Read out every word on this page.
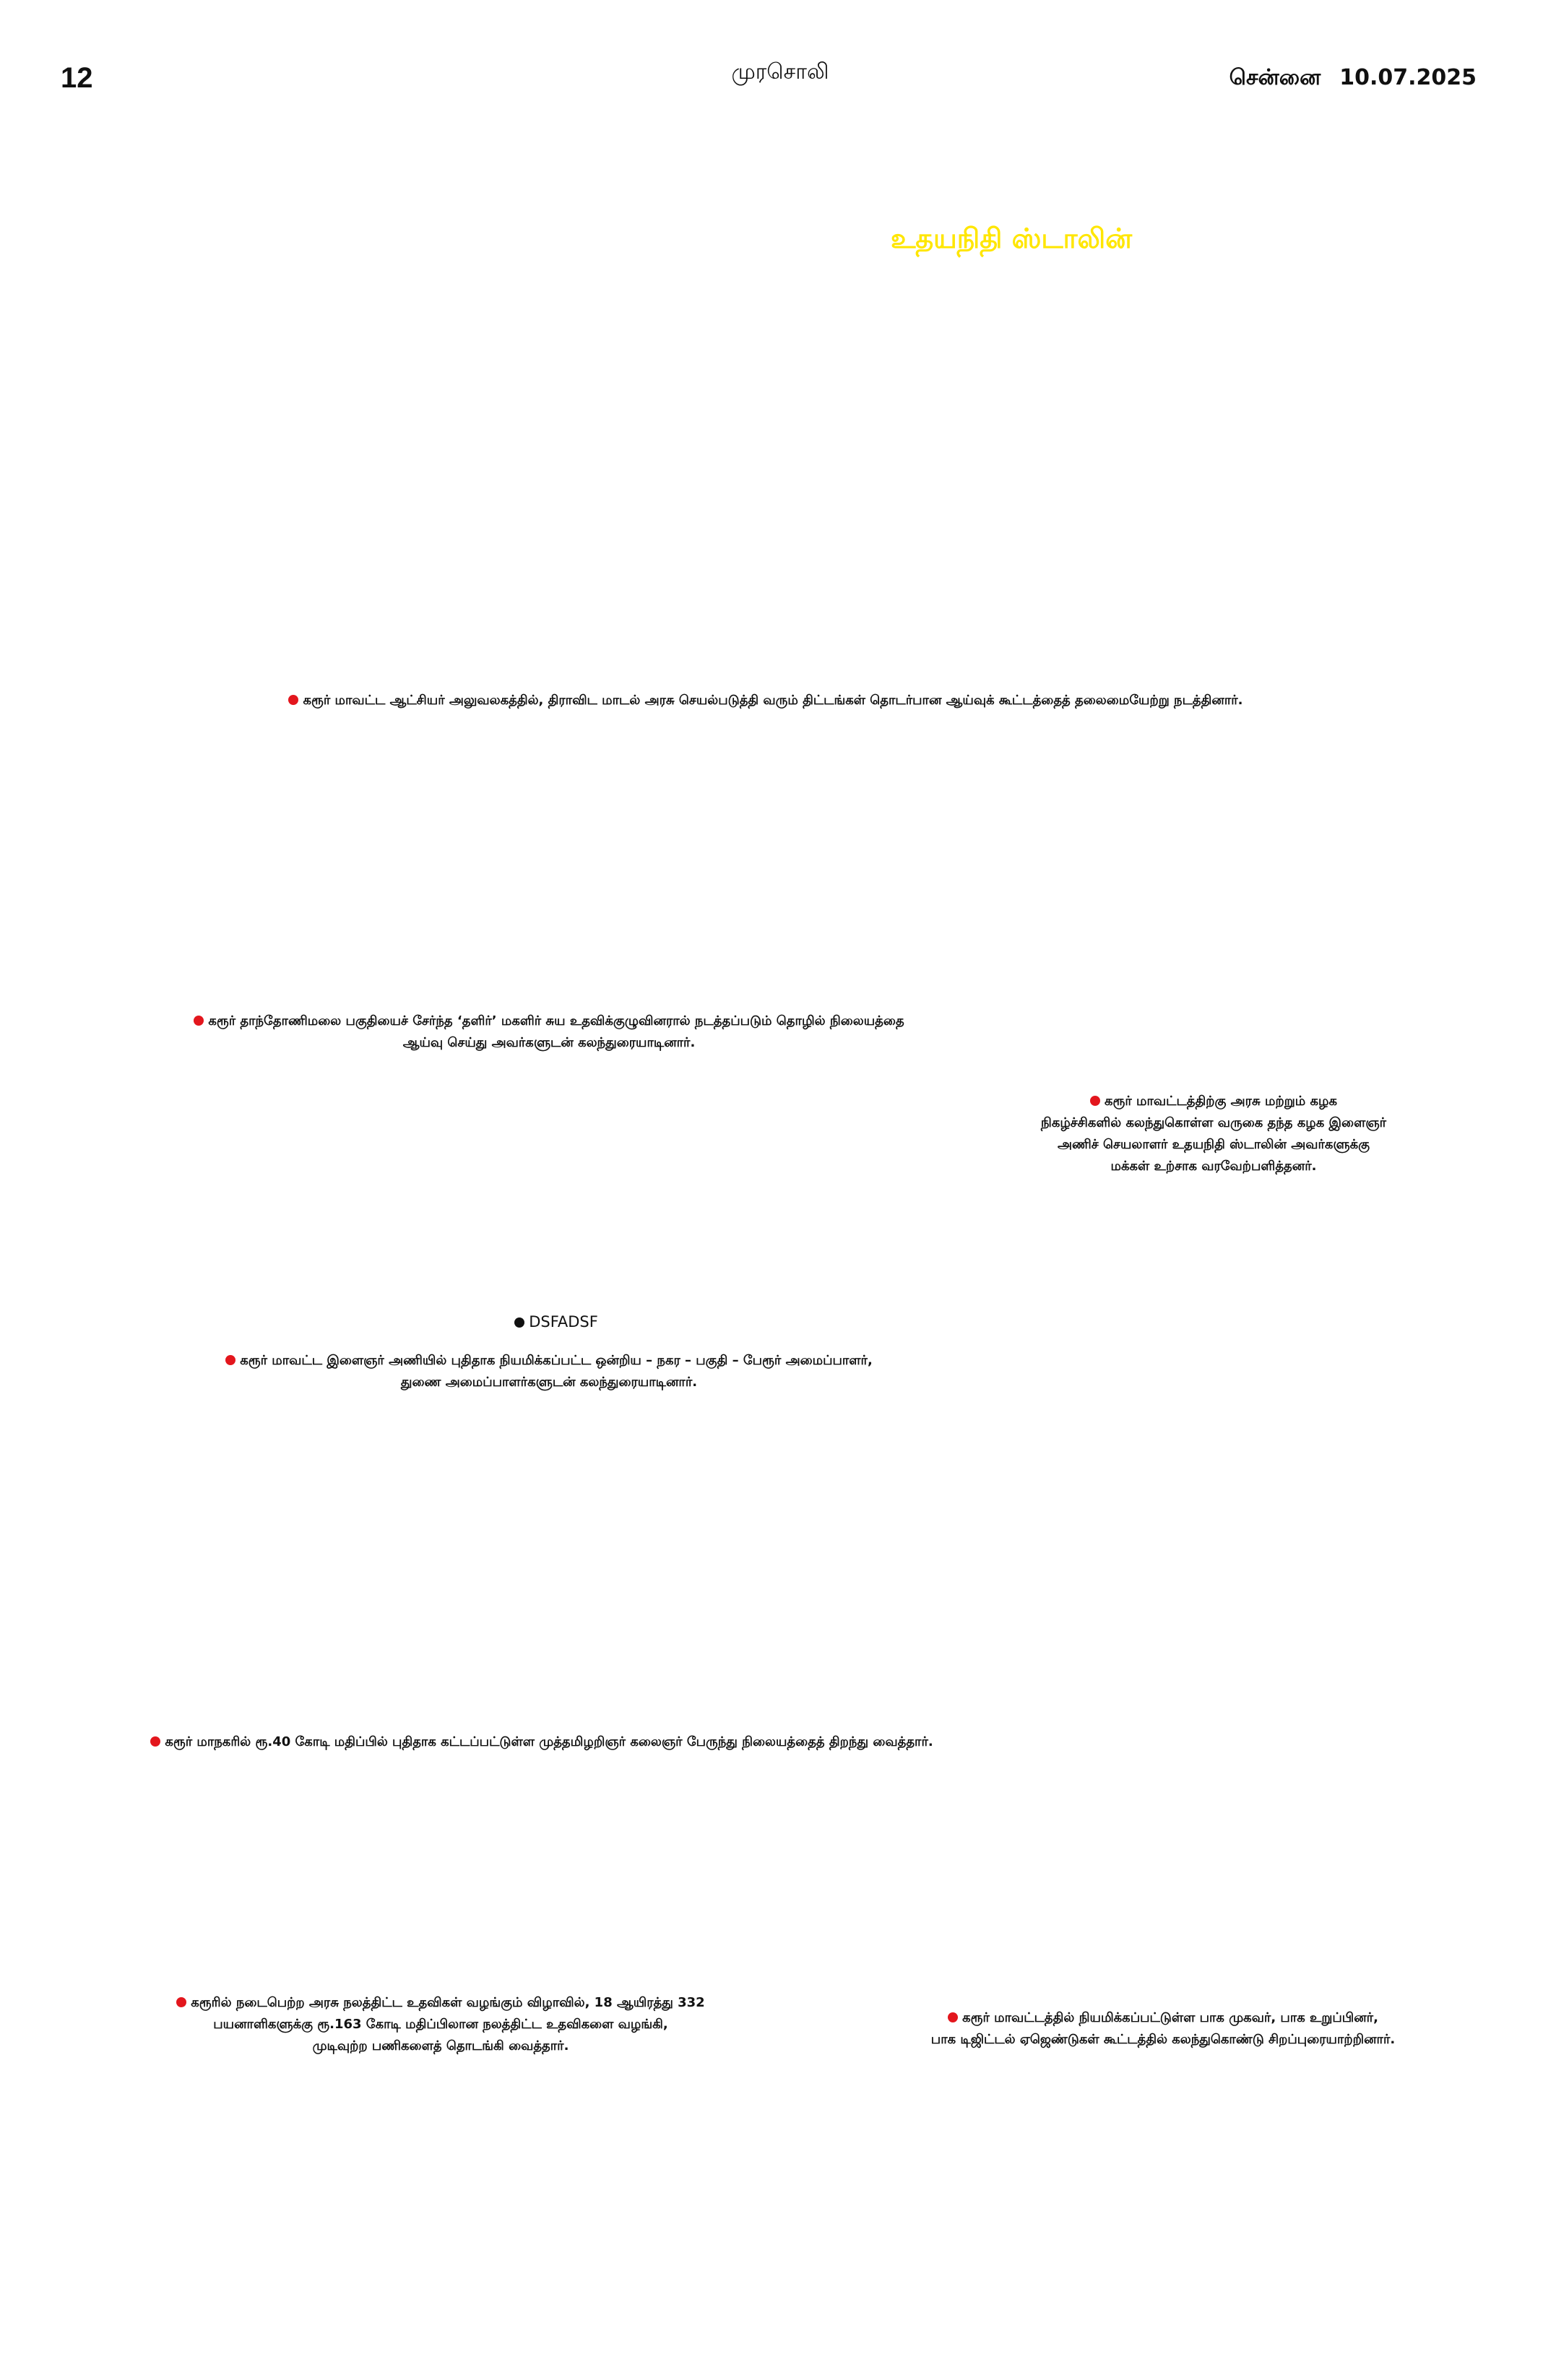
12	முரசொலி	சென்னை 10.07.2025
உதயநிதி ஸ்டாலின்
கரூர் மாவட்ட ஆட்சியர் அலுவலகத்தில், திராவிட மாடல் அரசு செயல்படுத்தி வரும் திட்டங்கள் தொடர்பான ஆய்வுக் கூட்டத்தைத் தலைமையேற்று நடத்தினார்.
கரூர் தாந்தோணிமலை பகுதியைச் சேர்ந்த ‘தளிர்’ மகளிர் சுய உதவிக்குழுவினரால் நடத்தப்படும் தொழில் நிலையத்தை
ஆய்வு செய்து அவர்களுடன் கலந்துரையாடினார்.
கரூர் மாவட்டத்திற்கு அரசு மற்றும் கழக
நிகழ்ச்சிகளில் கலந்துகொள்ள வருகை தந்த கழக இளைஞர்
அணிச் செயலாளர் உதயநிதி ஸ்டாலின் அவர்களுக்கு
மக்கள் உற்சாக வரவேற்பளித்தனர்.
DSFADSF
கரூர் மாவட்ட இளைஞர் அணியில் புதிதாக நியமிக்கப்பட்ட ஒன்றிய – நகர – பகுதி – பேரூர் அமைப்பாளர்,
துணை அமைப்பாளர்களுடன் கலந்துரையாடினார்.
கரூர் மாநகரில் ரூ.40 கோடி மதிப்பில் புதிதாக கட்டப்பட்டுள்ள முத்தமிழறிஞர் கலைஞர் பேருந்து நிலையத்தைத் திறந்து வைத்தார்.
கரூரில் நடைபெற்ற அரசு நலத்திட்ட உதவிகள் வழங்கும் விழாவில், 18 ஆயிரத்து 332
பயனாளிகளுக்கு ரூ.163 கோடி மதிப்பிலான நலத்திட்ட உதவிகளை வழங்கி,
முடிவுற்ற பணிகளைத் தொடங்கி வைத்தார்.
கரூர் மாவட்டத்தில் நியமிக்கப்பட்டுள்ள பாக முகவர், பாக உறுப்பினர்,
பாக டிஜிட்டல் ஏஜெண்டுகள் கூட்டத்தில் கலந்துகொண்டு சிறப்புரையாற்றினார்.
